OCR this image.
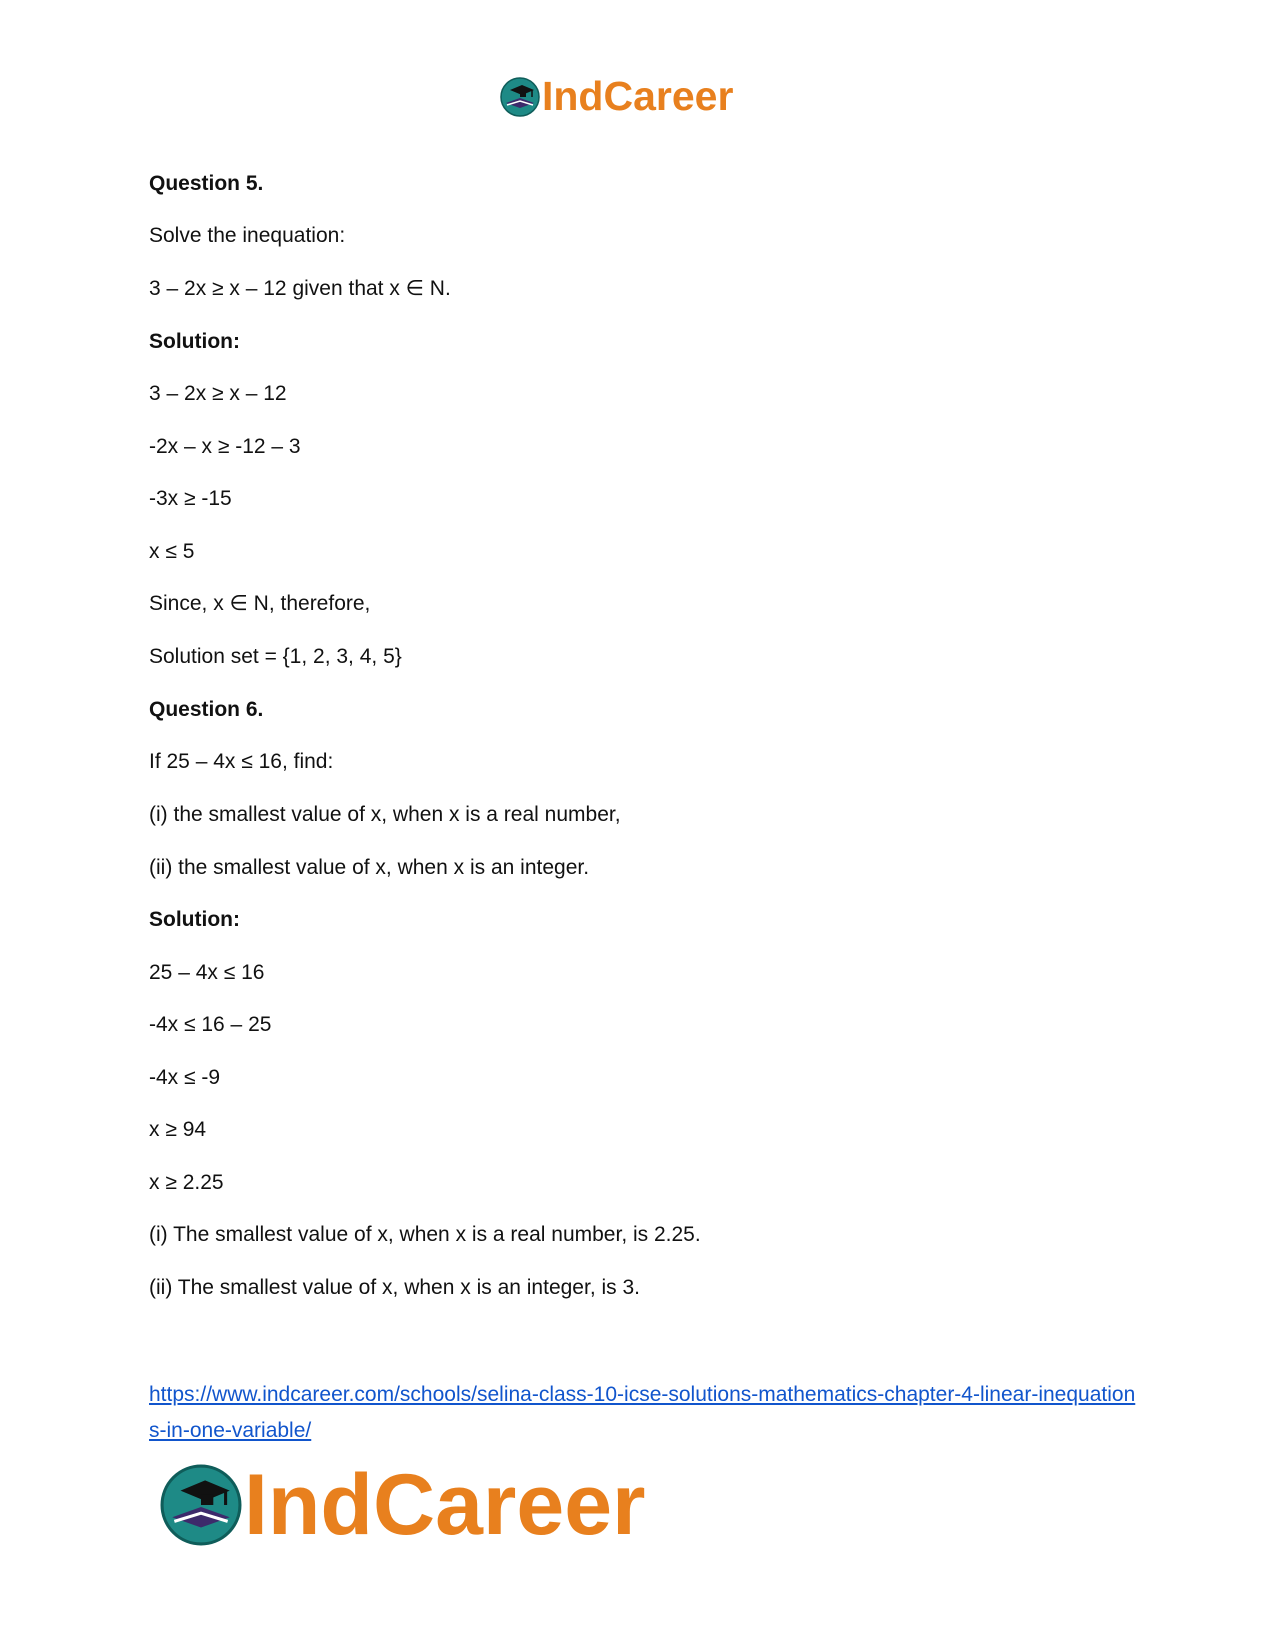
IndCareer
Question 5.
Solve the inequation:
3 – 2x ≥ x – 12 given that x ∈ N.
Solution:
3 – 2x ≥ x – 12
-2x – x ≥ -12 – 3
-3x ≥ -15
x ≤ 5
Since, x ∈ N, therefore,
Solution set = {1, 2, 3, 4, 5}
Question 6.
If 25 – 4x ≤ 16, find:
(i) the smallest value of x, when x is a real number,
(ii) the smallest value of x, when x is an integer.
Solution:
25 – 4x ≤ 16
-4x ≤ 16 – 25
-4x ≤ -9
x ≥ 94
x ≥ 2.25
(i) The smallest value of x, when x is a real number, is 2.25.
(ii) The smallest value of x, when x is an integer, is 3.
https://www.indcareer.com/schools/selina-class-10-icse-solutions-mathematics-chapter-4-linear-inequations-in-one-variable/
IndCareer
